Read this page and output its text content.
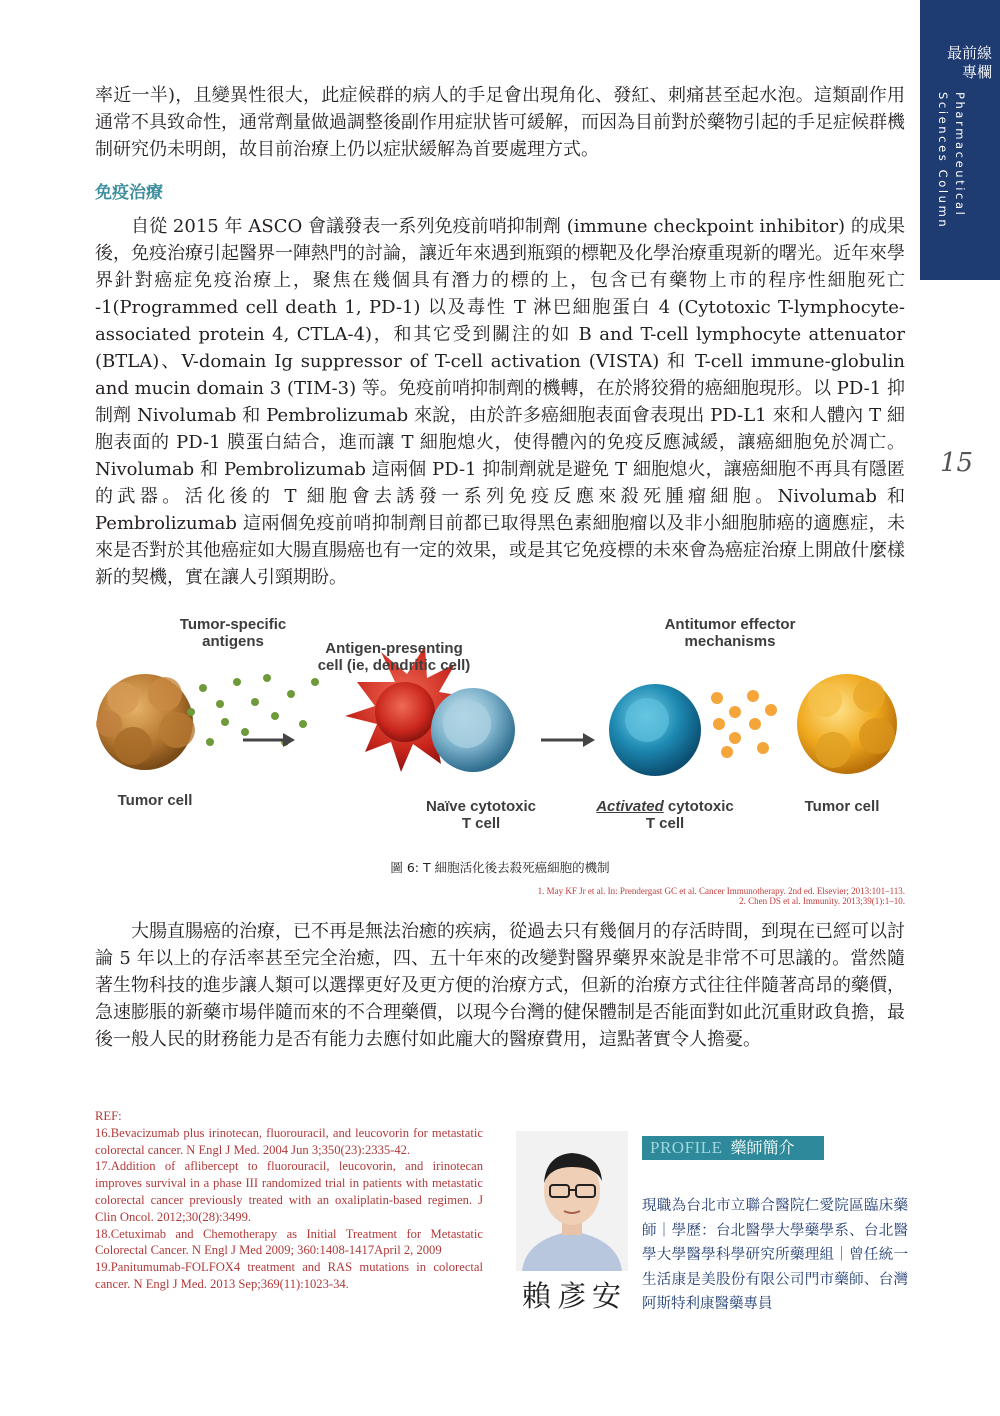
最前線專欄
Pharmaceutical Sciences Column
15

率近一半)，且變異性很大，此症候群的病人的手足會出現角化、發紅、刺痛甚至起水泡。這類副作用通常不具致命性，通常劑量做過調整後副作用症狀皆可緩解，而因為目前對於藥物引起的手足症候群機制研究仍未明朗，故目前治療上仍以症狀緩解為首要處理方式。

免疫治療

自從 2015 年 ASCO 會議發表一系列免疫前哨抑制劑 (immune checkpoint inhibitor) 的成果後，免疫治療引起醫界一陣熱門的討論，讓近年來遇到瓶頸的標靶及化學治療重現新的曙光。近年來學界針對癌症免疫治療上，聚焦在幾個具有潛力的標的上，包含已有藥物上市的程序性細胞死亡 -1(Programmed cell death 1, PD-1) 以及毒性 T 淋巴細胞蛋白 4 (Cytotoxic T-lymphocyte-associated protein 4, CTLA-4)，和其它受到關注的如 B and T-cell lymphocyte attenuator (BTLA)、V-domain Ig suppressor of T-cell activation (VISTA) 和 T-cell immune-globulin and mucin domain 3 (TIM-3) 等。免疫前哨抑制劑的機轉，在於將狡猾的癌細胞現形。以 PD-1 抑制劑 Nivolumab 和 Pembrolizumab 來說，由於許多癌細胞表面會表現出 PD-L1 來和人體內 T 細胞表面的 PD-1 膜蛋白結合，進而讓 T 細胞熄火，使得體內的免疫反應減緩，讓癌細胞免於凋亡。Nivolumab 和 Pembrolizumab 這兩個 PD-1 抑制劑就是避免 T 細胞熄火，讓癌細胞不再具有隱匿的武器。活化後的 T 細胞會去誘發一系列免疫反應來殺死腫瘤細胞。Nivolumab 和 Pembrolizumab 這兩個免疫前哨抑制劑目前都已取得黑色素細胞瘤以及非小細胞肺癌的適應症，未來是否對於其他癌症如大腸直腸癌也有一定的效果，或是其它免疫標的未來會為癌症治療上開啟什麼樣新的契機，實在讓人引頸期盼。

Tumor-specific
antigens	Antigen-presenting
cell (ie, dendritic cell)
Antitumor effector
mechanisms
Tumor cell	Naïve cytotoxic
T cell
Activated cytotoxic
T cell
Tumor cell
圖 6: T 細胞活化後去殺死癌細胞的機制
1. May KF Jr et al. In: Prendergast GC et al. Cancer Immunotherapy. 2nd ed. Elsevier; 2013:101–113.
2. Chen DS et al. Immunity. 2013;39(1):1–10.

大腸直腸癌的治療，已不再是無法治癒的疾病，從過去只有幾個月的存活時間，到現在已經可以討論 5 年以上的存活率甚至完全治癒，四、五十年來的改變對醫界藥界來說是非常不可思議的。當然隨著生物科技的進步讓人類可以選擇更好及更方便的治療方式，但新的治療方式往往伴隨著高昂的藥價，急速膨脹的新藥市場伴隨而來的不合理藥價，以現今台灣的健保體制是否能面對如此沉重財政負擔，最後一般人民的財務能力是否有能力去應付如此龐大的醫療費用，這點著實令人擔憂。

REF:
16.Bevacizumab plus irinotecan, fluorouracil, and leucovorin for metastatic colorectal cancer. N Engl J Med. 2004 Jun 3;350(23):2335-42.
17.Addition of aflibercept to fluorouracil, leucovorin, and irinotecan improves survival in a phase III randomized trial in patients with metastatic colorectal cancer previously treated with an oxaliplatin-based regimen. J Clin Oncol. 2012;30(28):3499.
18.Cetuximab and Chemotherapy as Initial Treatment for Metastatic Colorectal Cancer. N Engl J Med 2009; 360:1408-1417April 2, 2009
19.Panitumumab-FOLFOX4 treatment and RAS mutations in colorectal cancer. N Engl J Med. 2013 Sep;369(11):1023-34.	賴彥安
PROFILE 藥師簡介
現職為台北市立聯合醫院仁愛院區臨床藥師｜學歷：台北醫學大學藥學系、台北醫學大學醫學科學研究所藥理組｜曾任統一生活康是美股份有限公司門市藥師、台灣阿斯特利康醫藥專員
